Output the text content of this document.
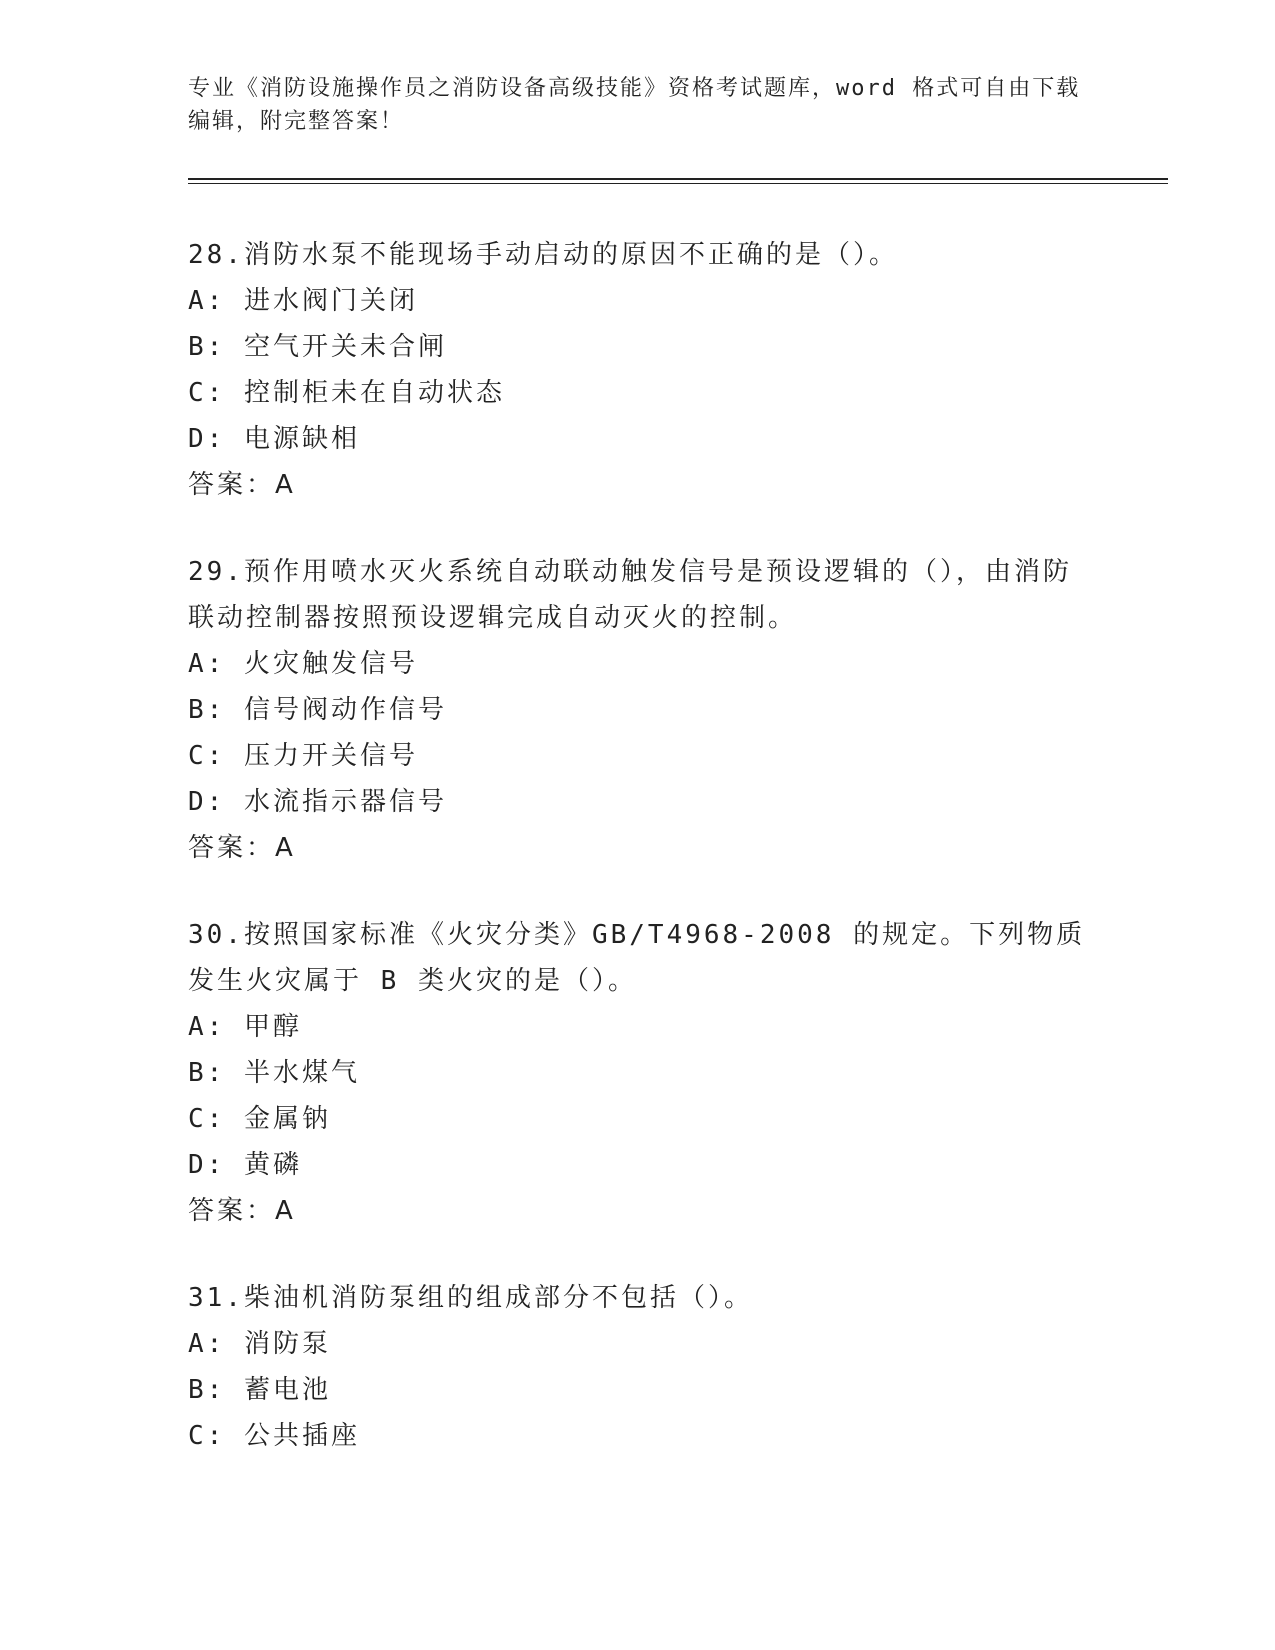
专业《消防设施操作员之消防设备高级技能》资格考试题库，word 格式可自由下载编辑，附完整答案！
28.消防水泵不能现场手动启动的原因不正确的是（）。
A: 进水阀门关闭
B: 空气开关未合闸
C: 控制柜未在自动状态
D: 电源缺相
答案：A
29.预作用喷水灭火系统自动联动触发信号是预设逻辑的（），由消防联动控制器按照预设逻辑完成自动灭火的控制。
A: 火灾触发信号
B: 信号阀动作信号
C: 压力开关信号
D: 水流指示器信号
答案：A
30.按照国家标准《火灾分类》GB/T4968-2008 的规定。下列物质发生火灾属于 B 类火灾的是（）。
A: 甲醇
B: 半水煤气
C: 金属钠
D: 黄磷
答案：A
31.柴油机消防泵组的组成部分不包括（）。
A: 消防泵
B: 蓄电池
C: 公共插座
